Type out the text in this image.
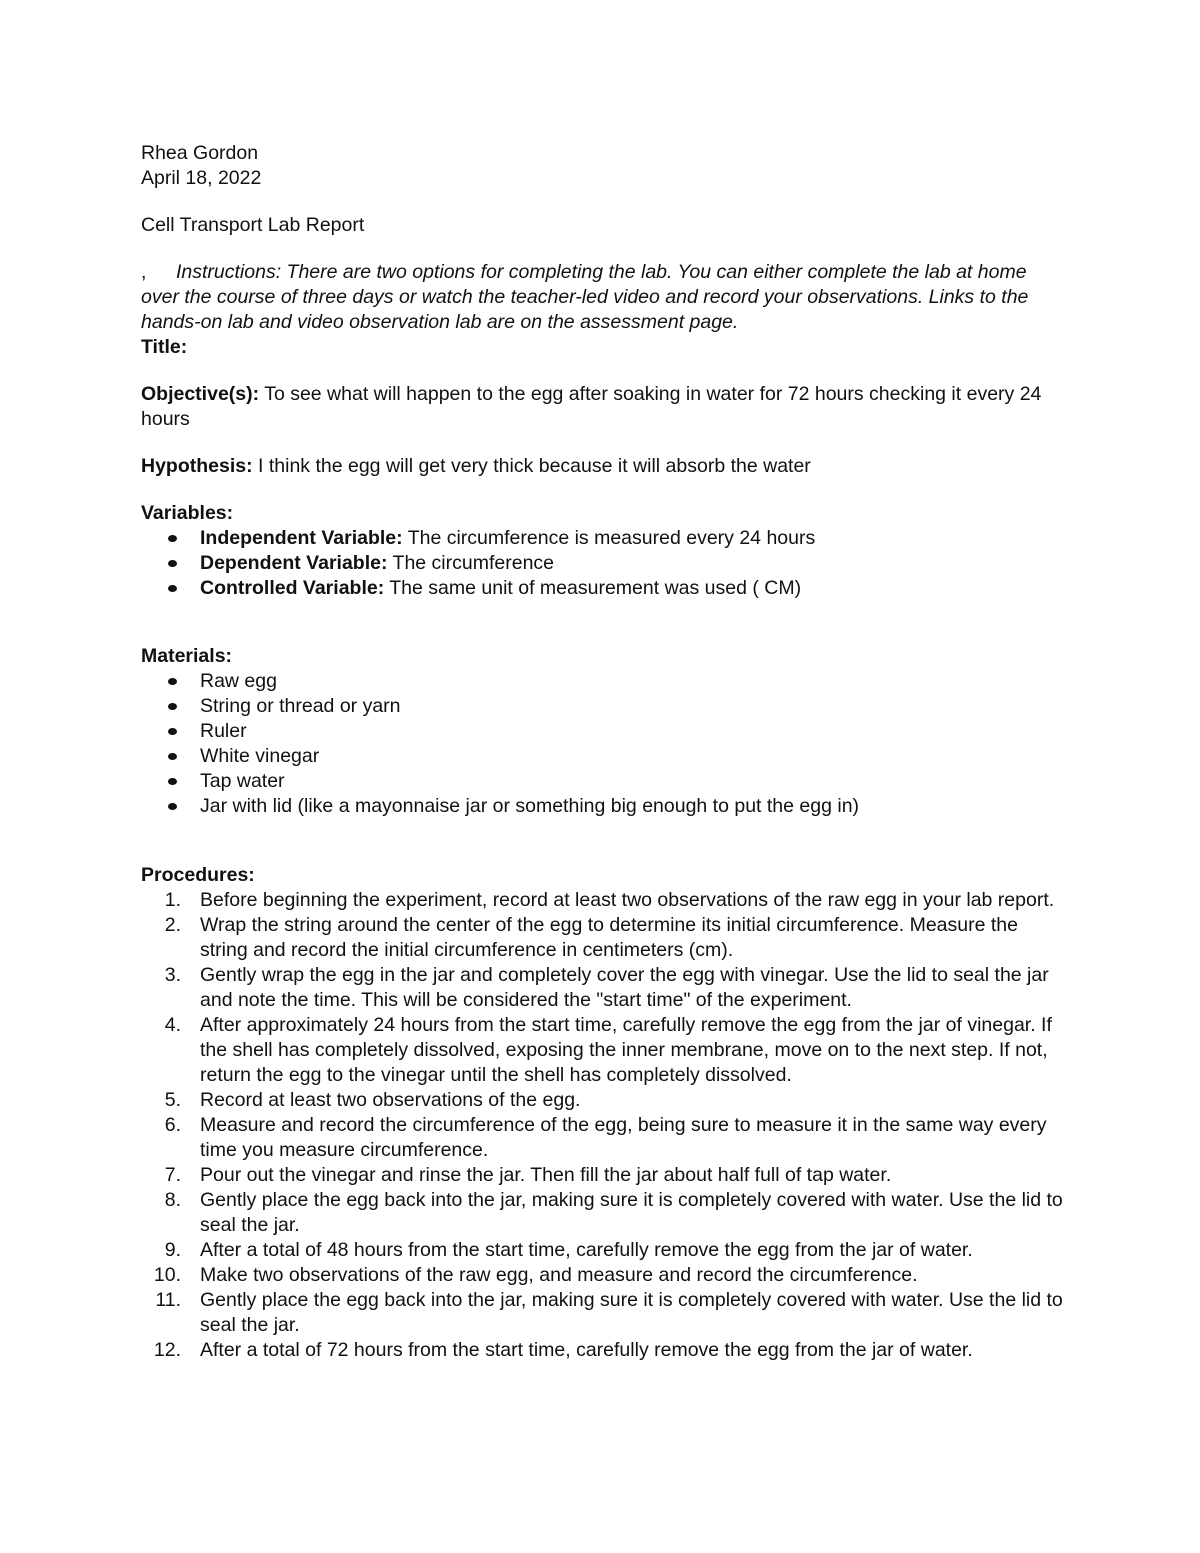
Rhea Gordon

April 18, 2022

Cell Transport Lab Report

, Instructions: There are two options for completing the lab. You can either complete the lab at home over the course of three days or watch the teacher-led video and record your observations. Links to the hands-on lab and video observation lab are on the assessment page.

Title:

Objective(s): To see what will happen to the egg after soaking in water for 72 hours checking it every 24 hours

Hypothesis: I think the egg will get very thick because it will absorb the water

Variables:

Independent Variable: The circumference is measured every 24 hours
Dependent Variable: The circumference
Controlled Variable: The same unit of measurement was used ( CM)

Materials:

Raw egg
String or thread or yarn
Ruler
White vinegar
Tap water
Jar with lid (like a mayonnaise jar or something big enough to put the egg in)

Procedures:

1. Before beginning the experiment, record at least two observations of the raw egg in your lab report.
2. Wrap the string around the center of the egg to determine its initial circumference. Measure the string and record the initial circumference in centimeters (cm).
3. Gently wrap the egg in the jar and completely cover the egg with vinegar. Use the lid to seal the jar and note the time. This will be considered the "start time" of the experiment.
4. After approximately 24 hours from the start time, carefully remove the egg from the jar of vinegar. If the shell has completely dissolved, exposing the inner membrane, move on to the next step. If not, return the egg to the vinegar until the shell has completely dissolved.
5. Record at least two observations of the egg.
6. Measure and record the circumference of the egg, being sure to measure it in the same way every time you measure circumference.
7. Pour out the vinegar and rinse the jar. Then fill the jar about half full of tap water.
8. Gently place the egg back into the jar, making sure it is completely covered with water. Use the lid to seal the jar.
9. After a total of 48 hours from the start time, carefully remove the egg from the jar of water.
10. Make two observations of the raw egg, and measure and record the circumference.
11. Gently place the egg back into the jar, making sure it is completely covered with water. Use the lid to seal the jar.
12. After a total of 72 hours from the start time, carefully remove the egg from the jar of water.
